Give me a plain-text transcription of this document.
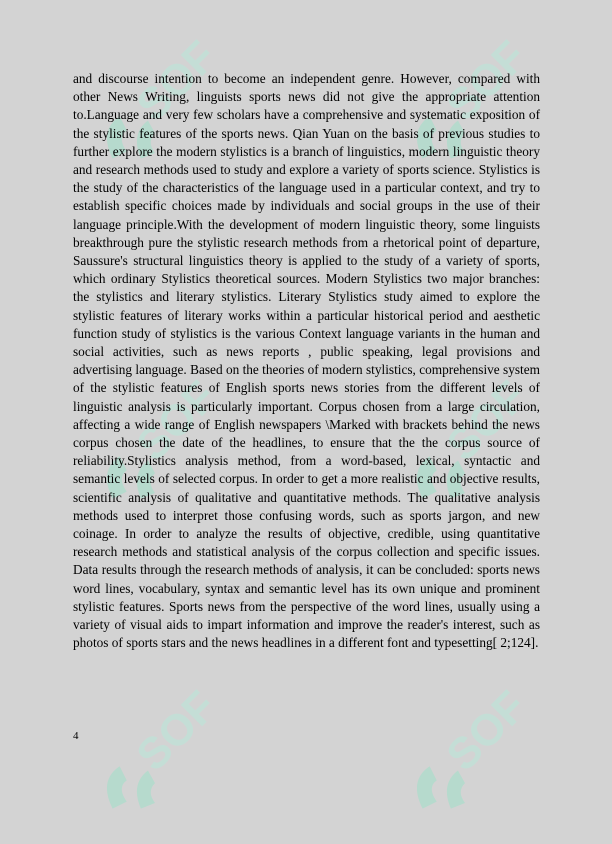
SOF	SOF
SOF	SOF
SOF	SOF

and discourse intention to become an independent genre. However, compared with other News Writing, linguists sports news did not give the appropriate attention to.Language and very few scholars have a comprehensive and systematic exposition of the stylistic features of the sports news. Qian Yuan on the basis of previous studies to further explore the modern stylistics is a branch of linguistics, modern linguistic theory and research methods used to study and explore a variety of sports science. Stylistics is the study of the characteristics of the language used in a particular context, and try to establish specific choices made by individuals and social groups in the use of their language principle.With the development of modern linguistic theory, some linguists breakthrough pure the stylistic research methods from a rhetorical point of departure, Saussure's structural linguistics theory is applied to the study of a variety of sports, which ordinary Stylistics theoretical sources. Modern Stylistics two major branches: the stylistics and literary stylistics. Literary Stylistics study aimed to explore the stylistic features of literary works within a particular historical period and aesthetic function study of stylistics is the various Context language variants in the human and social activities, such as news reports , public speaking, legal provisions and advertising language. Based on the theories of modern stylistics, comprehensive system of the stylistic features of English sports news stories from the different levels of linguistic analysis is particularly important. Corpus chosen from a large circulation, affecting a wide range of English newspapers \Marked with brackets behind the news corpus chosen the date of the headlines, to ensure that the the corpus source of reliability.Stylistics analysis method, from a word-based, lexical, syntactic and semantic levels of selected corpus. In order to get a more realistic and objective results, scientific analysis of qualitative and quantitative methods. The qualitative analysis methods used to interpret those confusing words, such as sports jargon, and new coinage. In order to analyze the results of objective, credible, using quantitative research methods and statistical analysis of the corpus collection and specific issues. Data results through the research methods of analysis, it can be concluded: sports news word lines, vocabulary, syntax and semantic level has its own unique and prominent stylistic features. Sports news from the perspective of the word lines, usually using a variety of visual aids to impart information and improve the reader's interest, such as photos of sports stars and the news headlines in a different font and typesetting[ 2;124].

4
